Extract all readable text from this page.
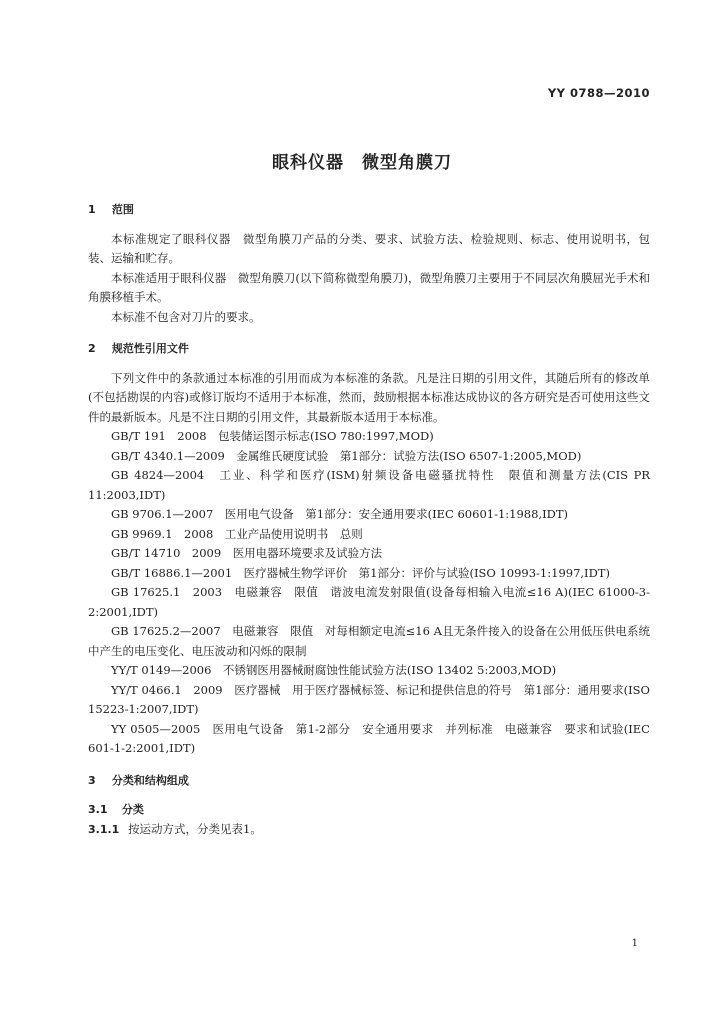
YY 0788—2010
眼科仪器　微型角膜刀
1 范围

本标准规定了眼科仪器　微型角膜刀产品的分类、要求、试验方法、检验规则、标志、使用说明书，包装、运输和贮存。

本标准适用于眼科仪器　微型角膜刀(以下简称微型角膜刀)，微型角膜刀主要用于不同层次角膜屈光手术和角膜移植手术。

本标准不包含对刀片的要求。

2 规范性引用文件

下列文件中的条款通过本标准的引用而成为本标准的条款。凡是注日期的引用文件，其随后所有的修改单(不包括勘误的内容)或修订版均不适用于本标准，然而，鼓励根据本标准达成协议的各方研究是否可使用这些文件的最新版本。凡是不注日期的引用文件，其最新版本适用于本标准。

GB/T 191　2008　包装储运图示标志(ISO 780:1997,MOD)

GB/T 4340.1—2009　金属维氏硬度试验　第1部分：试验方法(ISO 6507-1:2005,MOD)

GB 4824—2004　工业、科学和医疗(ISM)射频设备电磁骚扰特性　限值和测量方法(CIS PR 11:2003,IDT)

GB 9706.1—2007　医用电气设备　第1部分：安全通用要求(IEC 60601-1:1988,IDT)

GB 9969.1　2008　工业产品使用说明书　总则

GB/T 14710　2009　医用电器环境要求及试验方法

GB/T 16886.1—2001　医疗器械生物学评价　第1部分：评价与试验(ISO 10993-1:1997,IDT)

GB 17625.1　2003　电磁兼容　限值　谐波电流发射限值(设备每相输入电流≤16 A)(IEC 61000-3-2:2001,IDT)

GB 17625.2—2007　电磁兼容　限值　对每相额定电流≤16 A且无条件接入的设备在公用低压供电系统中产生的电压变化、电压波动和闪烁的限制

YY/T 0149—2006　不锈钢医用器械耐腐蚀性能试验方法(ISO 13402 5:2003,MOD)

YY/T 0466.1　2009　医疗器械　用于医疗器械标签、标记和提供信息的符号　第1部分：通用要求(ISO 15223-1:2007,IDT)

YY 0505—2005　医用电气设备　第1-2部分　安全通用要求　并列标准　电磁兼容　要求和试验(IEC 601-1-2:2001,IDT)

3 分类和结构组成
3.1 分类

3.1.1 按运动方式，分类见表1。

1
